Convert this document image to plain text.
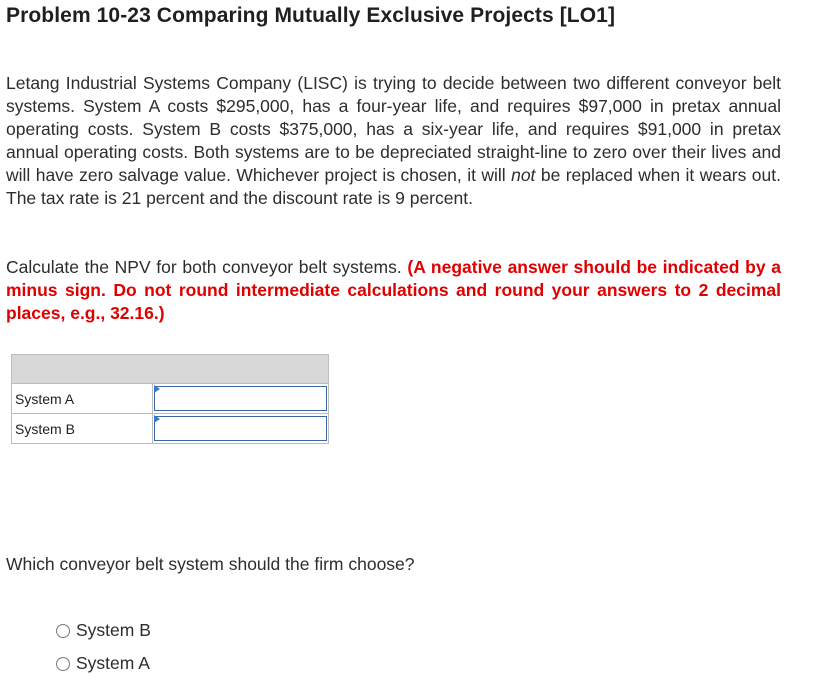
Problem 10-23 Comparing Mutually Exclusive Projects [LO1]

Letang Industrial Systems Company (LISC) is trying to decide between two different conveyor belt systems. System A costs $295,000, has a four-year life, and requires $97,000 in pretax annual operating costs. System B costs $375,000, has a six-year life, and requires $91,000 in pretax annual operating costs. Both systems are to be depreciated straight-line to zero over their lives and will have zero salvage value. Whichever project is chosen, it will not be replaced when it wears out. The tax rate is 21 percent and the discount rate is 9 percent.

Calculate the NPV for both conveyor belt systems. (A negative answer should be indicated by a minus sign. Do not round intermediate calculations and round your answers to 2 decimal places, e.g., 32.16.)

System A	

System B	

Which conveyor belt system should the firm choose?

System B
System A
